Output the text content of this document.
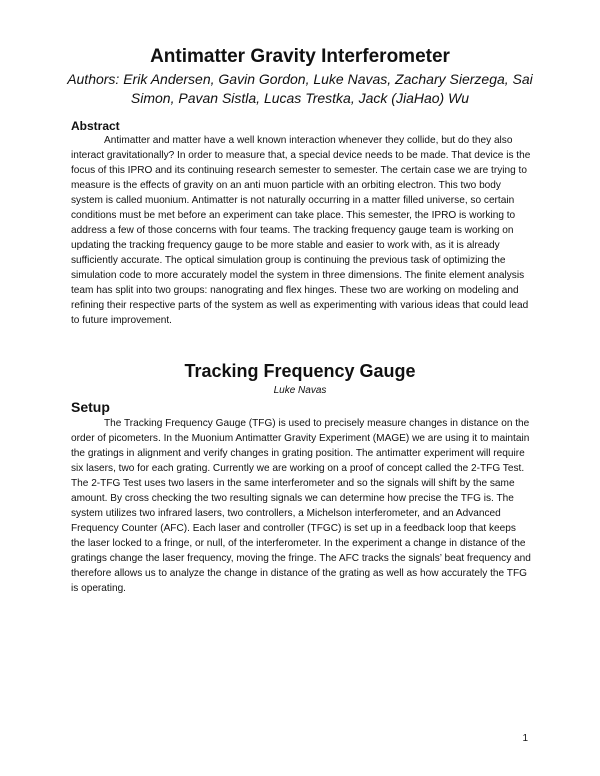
Antimatter Gravity Interferometer

Authors: Erik Andersen, Gavin Gordon, Luke Navas, Zachary Sierzega, Sai Simon, Pavan Sistla, Lucas Trestka, Jack (JiaHao) Wu

Abstract

Antimatter and matter have a well known interaction whenever they collide, but do they also interact gravitationally? In order to measure that, a special device needs to be made. That device is the focus of this IPRO and its continuing research semester to semester. The certain case we are trying to measure is the effects of gravity on an anti muon particle with an orbiting electron. This two body system is called muonium. Antimatter is not naturally occurring in a matter filled universe, so certain conditions must be met before an experiment can take place. This semester, the IPRO is working to address a few of those concerns with four teams. The tracking frequency gauge team is working on updating the tracking frequency gauge to be more stable and easier to work with, as it is already sufficiently accurate. The optical simulation group is continuing the previous task of optimizing the simulation code to more accurately model the system in three dimensions. The finite element analysis team has split into two groups: nanograting and flex hinges. These two are working on modeling and refining their respective parts of the system as well as experimenting with various ideas that could lead to future improvement.

Tracking Frequency Gauge

Luke Navas

Setup

The Tracking Frequency Gauge (TFG) is used to precisely measure changes in distance on the order of picometers. In the Muonium Antimatter Gravity Experiment (MAGE) we are using it to maintain the gratings in alignment and verify changes in grating position. The antimatter experiment will require six lasers, two for each grating. Currently we are working on a proof of concept called the 2-TFG Test. The 2-TFG Test uses two lasers in the same interferometer and so the signals will shift by the same amount. By cross checking the two resulting signals we can determine how precise the TFG is. The system utilizes two infrared lasers, two controllers, a Michelson interferometer, and an Advanced Frequency Counter (AFC). Each laser and controller (TFGC) is set up in a feedback loop that keeps the laser locked to a fringe, or null, of the interferometer. In the experiment a change in distance of the gratings change the laser frequency, moving the fringe. The AFC tracks the signals’ beat frequency and therefore allows us to analyze the change in distance of the grating as well as how accurately the TFG is operating.

1
